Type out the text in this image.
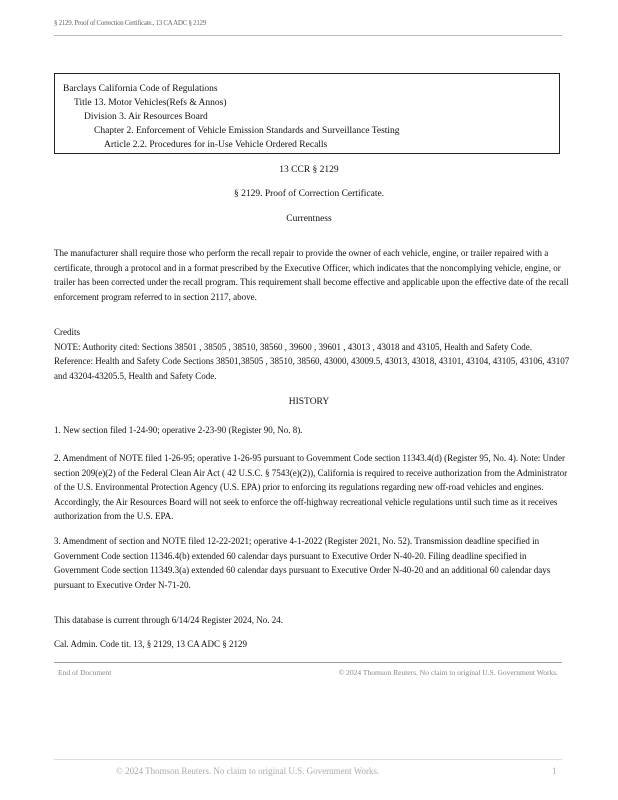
§ 2129. Proof of Correction Certificate., 13 CA ADC § 2129
Barclays California Code of Regulations
Title 13. Motor Vehicles(Refs & Annos)
Division 3. Air Resources Board
Chapter 2. Enforcement of Vehicle Emission Standards and Surveillance Testing
Article 2.2. Procedures for in-Use Vehicle Ordered Recalls
13 CCR § 2129
§ 2129. Proof of Correction Certificate.
Currentness

The manufacturer shall require those who perform the recall repair to provide the owner of each vehicle, engine, or trailer repaired with a certificate, through a protocol and in a format prescribed by the Executive Officer, which indicates that the noncomplying vehicle, engine, or trailer has been corrected under the recall program. This requirement shall become effective and applicable upon the effective date of the recall enforcement program referred to in section 2117, above.

Credits

NOTE: Authority cited: Sections 38501 , 38505 , 38510, 38560 , 39600 , 39601 , 43013 , 43018 and 43105, Health and Safety Code. Reference: Health and Safety Code Sections 38501,38505 , 38510, 38560, 43000, 43009.5, 43013, 43018, 43101, 43104, 43105, 43106, 43107 and 43204-43205.5, Health and Safety Code.

HISTORY

1. New section filed 1-24-90; operative 2-23-90 (Register 90, No. 8).

2. Amendment of NOTE filed 1-26-95; operative 1-26-95 pursuant to Government Code section 11343.4(d) (Register 95, No. 4). Note: Under section 209(e)(2) of the Federal Clean Air Act ( 42 U.S.C. § 7543(e)(2)), California is required to receive authorization from the Administrator of the U.S. Environmental Protection Agency (U.S. EPA) prior to enforcing its regulations regarding new off-road vehicles and engines. Accordingly, the Air Resources Board will not seek to enforce the off-highway recreational vehicle regulations until such time as it receives authorization from the U.S. EPA.

3. Amendment of section and NOTE filed 12-22-2021; operative 4-1-2022 (Register 2021, No. 52). Transmission deadline specified in Government Code section 11346.4(b) extended 60 calendar days pursuant to Executive Order N-40-20. Filing deadline specified in Government Code section 11349.3(a) extended 60 calendar days pursuant to Executive Order N-40-20 and an additional 60 calendar days pursuant to Executive Order N-71-20.

This database is current through 6/14/24 Register 2024, No. 24.

Cal. Admin. Code tit. 13, § 2129, 13 CA ADC § 2129

End of Document	© 2024 Thomson Reuters. No claim to original U.S. Government Works.
© 2024 Thomson Reuters. No claim to original U.S. Government Works.	1
